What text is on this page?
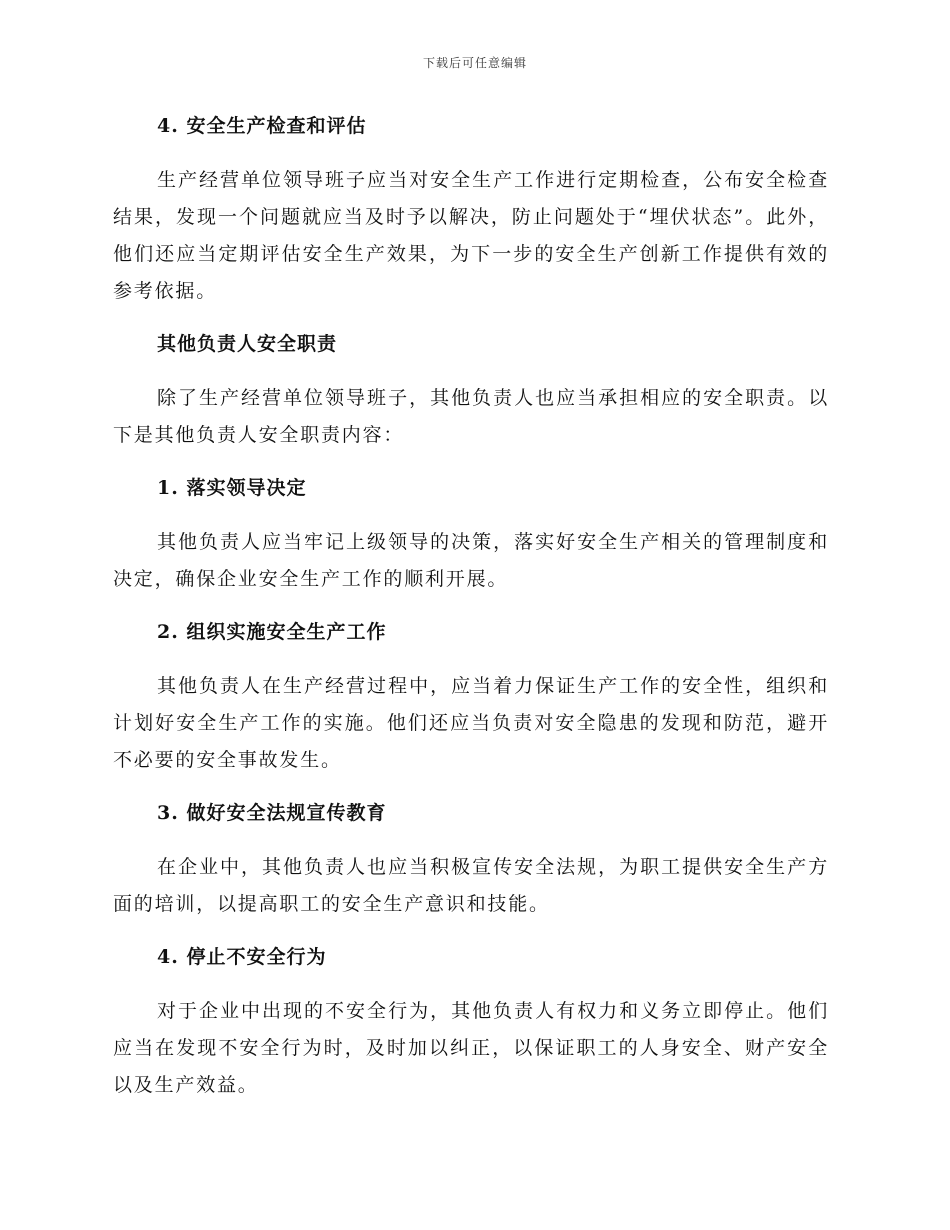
下载后可任意编辑
4. 安全生产检查和评估

生产经营单位领导班子应当对安全生产工作进行定期检查，公布安全检查结果，发现一个问题就应当及时予以解决，防止问题处于“埋伏状态”。此外，他们还应当定期评估安全生产效果，为下一步的安全生产创新工作提供有效的参考依据。

其他负责人安全职责

除了生产经营单位领导班子，其他负责人也应当承担相应的安全职责。以下是其他负责人安全职责内容：

1. 落实领导决定

其他负责人应当牢记上级领导的决策，落实好安全生产相关的管理制度和决定，确保企业安全生产工作的顺利开展。

2. 组织实施安全生产工作

其他负责人在生产经营过程中，应当着力保证生产工作的安全性，组织和计划好安全生产工作的实施。他们还应当负责对安全隐患的发现和防范，避开不必要的安全事故发生。

3. 做好安全法规宣传教育

在企业中，其他负责人也应当积极宣传安全法规，为职工提供安全生产方面的培训，以提高职工的安全生产意识和技能。

4. 停止不安全行为

对于企业中出现的不安全行为，其他负责人有权力和义务立即停止。他们应当在发现不安全行为时，及时加以纠正，以保证职工的人身安全、财产安全以及生产效益。
